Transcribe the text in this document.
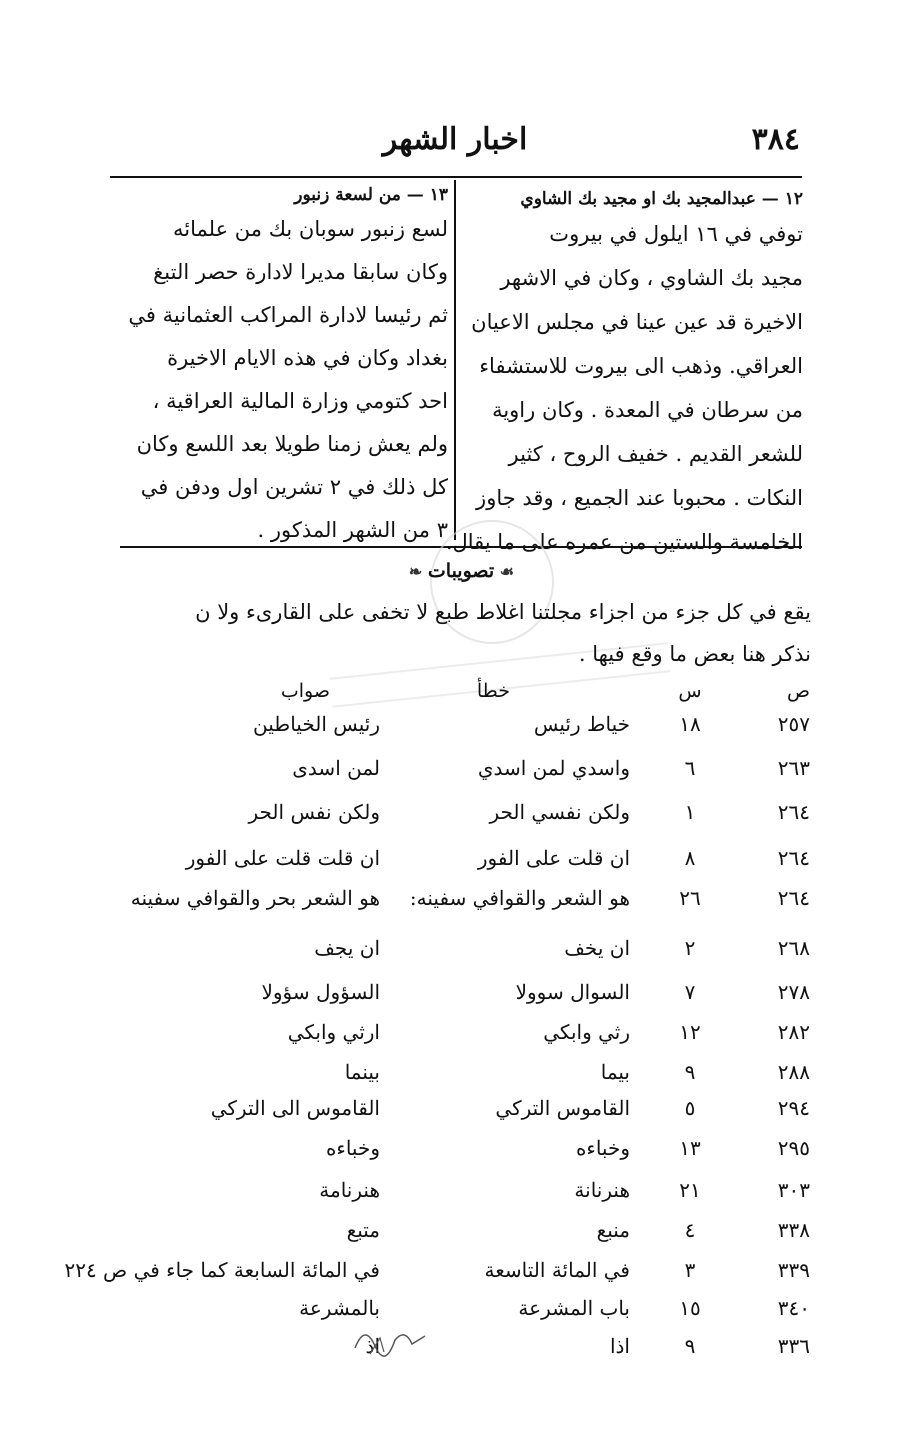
٣٨٤
اخبار الشهر
١٢ — عبدالمجيد بك او مجيد بك الشاوي
توفي في ١٦ ايلول في بيروت
مجيد بك الشاوي ، وكان في الاشهر
الاخيرة قد عين عينا في مجلس الاعيان
العراقي. وذهب الى بيروت للاستشفاء
من سرطان في المعدة . وكان راوية
للشعر القديم . خفيف الروح ، كثير
النكات . محبوبا عند الجميع ، وقد جاوز
الخامسة والستين من عمره على ما يقال.
١٣ — من لسعة زنبور
لسع زنبور سوبان بك من علمائه
وكان سابقا مديرا لادارة حصر التبغ
ثم رئيسا لادارة المراكب العثمانية في
بغداد وكان في هذه الايام الاخيرة
احد كتومي وزارة المالية العراقية ،
ولم يعش زمنا طويلا بعد اللسع وكان
كل ذلك في ٢ تشرين اول ودفن في
٣ من الشهر المذكور .
❧ تصويبات ☙
يقع في كل جزء من اجزاء مجلتنا اغلاط طبع لا تخفى على القارىء ولا ن
نذكر هنا بعض ما وقع فيها .
ص
س
خطأ
صواب
٢٥٧
١٨
خياط رئيس
رئيس الخياطين
٢٦٣
٦
واسدي لمن اسدي
لمن اسدى
٢٦٤
١
ولكن نفسي الحر
ولكن نفس الحر
٢٦٤
٨
ان قلت على الفور
ان قلت قلت على الفور
٢٦٤
٢٦
هو الشعر والقوافي سفينه:
هو الشعر بحر والقوافي سفينه
٢٦٨
٢
ان يخف
ان يجف
٢٧٨
٧
السوال سوولا
السؤول سؤولا
٢٨٢
١٢
رثي وابكي
ارثي وابكي
٢٨٨
٩
بيما
بينما
٢٩٤
٥
القاموس التركي
القاموس الى التركي
٢٩٥
١٣
وخباءه
وخباءه
٣٠٣
٢١
هنرنانة
هنرنامة
٣٣٨
٤
منبع
متبع
٣٣٩
٣
في المائة التاسعة
في المائة السابعة كما جاء في ص ٢٢٤
٣٤٠
١٥
باب المشرعة
بالمشرعة
٣٣٦
٩
اذا
اذ
